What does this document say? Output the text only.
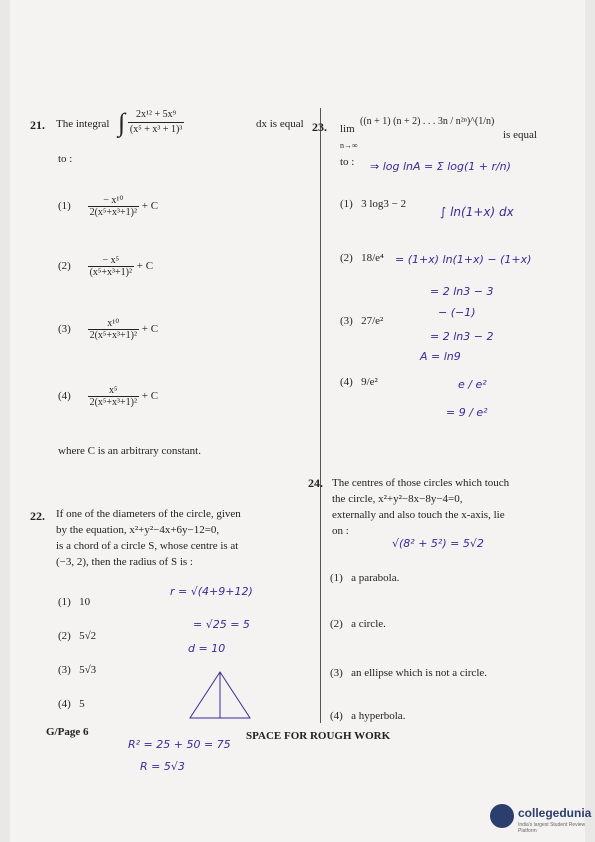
21. The integral ∫ $\frac{\text{2x¹² + 5x⁹}}{\text{(x⁵ + x³ + 1)³}}$	dx is equal
to :
$(1) \frac{\text{− x¹⁰}}{\text{2(x⁵+x³+1)²}} + C$
$(2) \frac{\text{− x⁵}}{\text{(x⁵+x³+1)²}} + C$
$(3) \frac{\text{x¹⁰}}{\text{2(x⁵+x³+1)²}} + C$
$(4) \frac{\text{x⁵}}{\text{2(x⁵+x³+1)²}} + C$
where C is an arbitrary constant.
22. If one of the diameters of the circle, given
by the equation, x²+y²−4x+6y−12=0,
is a chord of a circle S, whose centre is at
(−3, 2), then the radius of S is :
(1) 10
(2) 5√2
(3) 5√3
(4) 5
23. lim
n→∞
((n + 1) (n + 2) . . . 3n / n²ⁿ)^(1/n)
is equal
to :
(1) 3 log3 − 2
(2) 18/e⁴
(3) 27/e²
(4) 9/e²
24. The centres of those circles which touch
the circle, x²+y²−8x−8y−4=0,
externally and also touch the x-axis, lie
on :
(1) a parabola.
(2) a circle.
(3) an ellipse which is not a circle.
(4) a hyperbola.
⇒ log lnA = Σ log(1 + r/n)
∫ ln(1+x) dx
= (1+x) ln(1+x) − (1+x)
= 2 ln3 − 3
− (−1)
= 2 ln3 − 2
A = ln9
e / e²
= 9 / e²
√(8² + 5²) = 5√2
r = √(4+9+12)
= √25 = 5
d = 10
R² = 25 + 50 = 75
R = 5√3
G/Page 6	SPACE FOR ROUGH WORK
collegedunia
India's largest Student Review Platform
